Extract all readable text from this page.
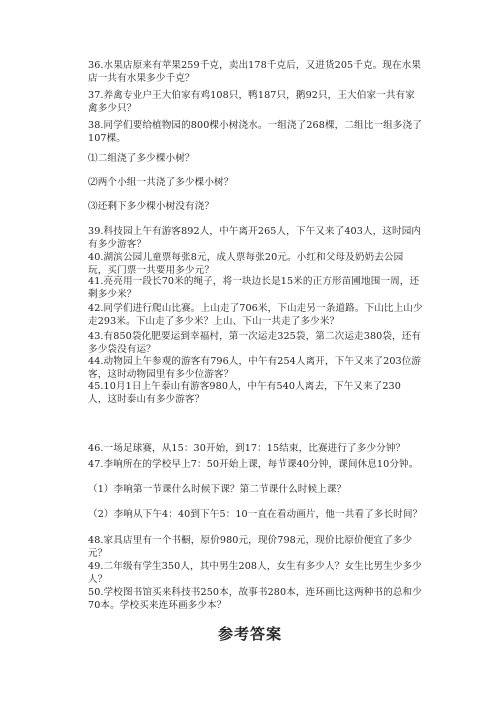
36.水果店原来有苹果259千克，卖出178千克后，又进货205千克。现在水果
店一共有水果多少千克？
37.养禽专业户王大伯家有鸡108只，鸭187只，鹅92只，王大伯家一共有家
禽多少只？
38.同学们要给植物园的800棵小树浇水。一组浇了268棵，二组比一组多浇了
107棵。
⑴二组浇了多少棵小树？
⑵两个小组一共浇了多少棵小树？
⑶还剩下多少棵小树没有浇？
39.科技园上午有游客892人，中午离开265人，下午又来了403人，这时园内
有多少游客？
40.湖滨公园儿童票每张8元，成人票每张20元。小红和父母及奶奶去公园
玩，买门票一共要用多少元？
41.亮亮用一段长70米的绳子，将一块边长是15米的正方形苗圃地围一周，还
剩多少米？
42.同学们进行爬山比赛。上山走了706米，下山走另一条道路。下山比上山少
走293米。下山走了多少米？上山、下山一共走了多少米？
43.有850袋化肥要运到幸福村，第一次运走325袋，第二次运走380袋，还有
多少袋没有运？
44.动物园上午参观的游客有796人，中午有254人离开，下午又来了203位游
客，这时动物园里有多少位游客？
45.10月1日上午泰山有游客980人，中午有540人离去，下午又来了230
人，这时泰山有多少游客？
46.一场足球赛，从15：30开始，到17：15结束，比赛进行了多少分钟？
47.李响所在的学校早上7：50开始上课，每节课40分钟，课间休息10分钟。
（1）李响第一节课什么时候下课？第二节课什么时候上课？
（2）李响从下午4：40到下午5：10一直在看动画片，他一共看了多长时间？
48.家具店里有一个书橱，原价980元，现价798元，现价比原价便宜了多少
元？
49.二年级有学生350人，其中男生208人，女生有多少人？女生比男生少多少
人？
50.学校图书馆买来科技书250本，故事书280本，连环画比这两种书的总和少
70本。学校买来连环画多少本？
参考答案
